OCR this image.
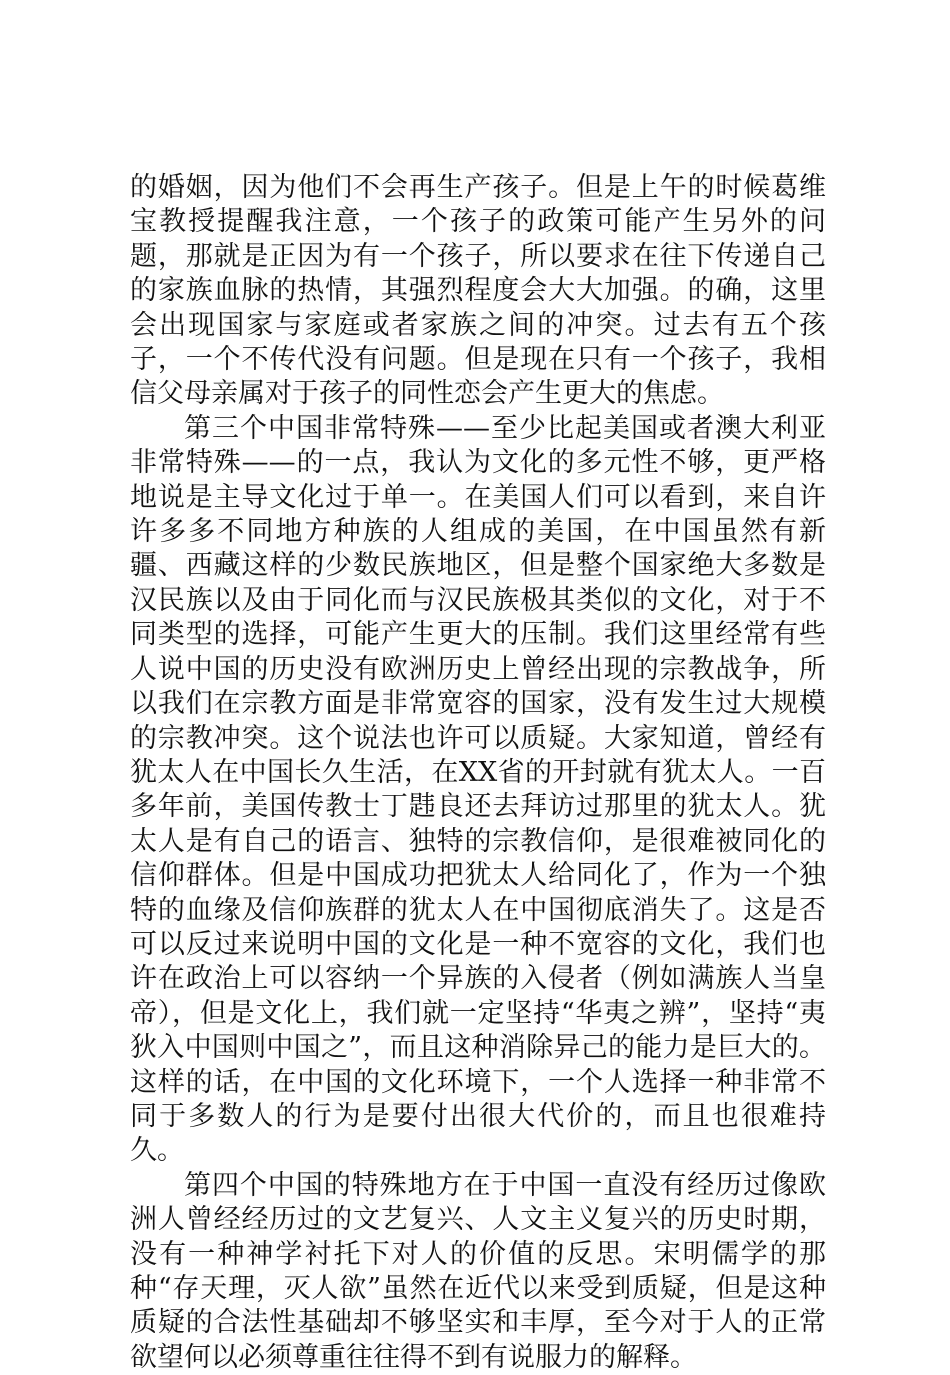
的婚姻，因为他们不会再生产孩子。但是上午的时候葛维宝教授提醒我注意，一个孩子的政策可能产生另外的问题，那就是正因为有一个孩子，所以要求在往下传递自己的家族血脉的热情，其强烈程度会大大加强。的确，这里会出现国家与家庭或者家族之间的冲突。过去有五个孩子，一个不传代没有问题。但是现在只有一个孩子，我相信父母亲属对于孩子的同性恋会产生更大的焦虑。

第三个中国非常特殊——至少比起美国或者澳大利亚非常特殊——的一点，我认为文化的多元性不够，更严格地说是主导文化过于单一。在美国人们可以看到，来自许许多多不同地方种族的人组成的美国，在中国虽然有新疆、西藏这样的少数民族地区，但是整个国家绝大多数是汉民族以及由于同化而与汉民族极其类似的文化，对于不同类型的选择，可能产生更大的压制。我们这里经常有些人说中国的历史没有欧洲历史上曾经出现的宗教战争，所以我们在宗教方面是非常宽容的国家，没有发生过大规模的宗教冲突。这个说法也许可以质疑。大家知道，曾经有犹太人在中国长久生活，在XX省的开封就有犹太人。一百多年前，美国传教士丁韪良还去拜访过那里的犹太人。犹太人是有自己的语言、独特的宗教信仰，是很难被同化的信仰群体。但是中国成功把犹太人给同化了，作为一个独特的血缘及信仰族群的犹太人在中国彻底消失了。这是否可以反过来说明中国的文化是一种不宽容的文化，我们也许在政治上可以容纳一个异族的入侵者（例如满族人当皇帝），但是文化上，我们就一定坚持“华夷之辨”，坚持“夷狄入中国则中国之”，而且这种消除异己的能力是巨大的。这样的话，在中国的文化环境下，一个人选择一种非常不同于多数人的行为是要付出很大代价的，而且也很难持久。

第四个中国的特殊地方在于中国一直没有经历过像欧洲人曾经经历过的文艺复兴、人文主义复兴的历史时期，没有一种神学衬托下对人的价值的反思。宋明儒学的那种“存天理，灭人欲”虽然在近代以来受到质疑，但是这种质疑的合法性基础却不够坚实和丰厚，至今对于人的正常欲望何以必须尊重往往得不到有说服力的解释。
